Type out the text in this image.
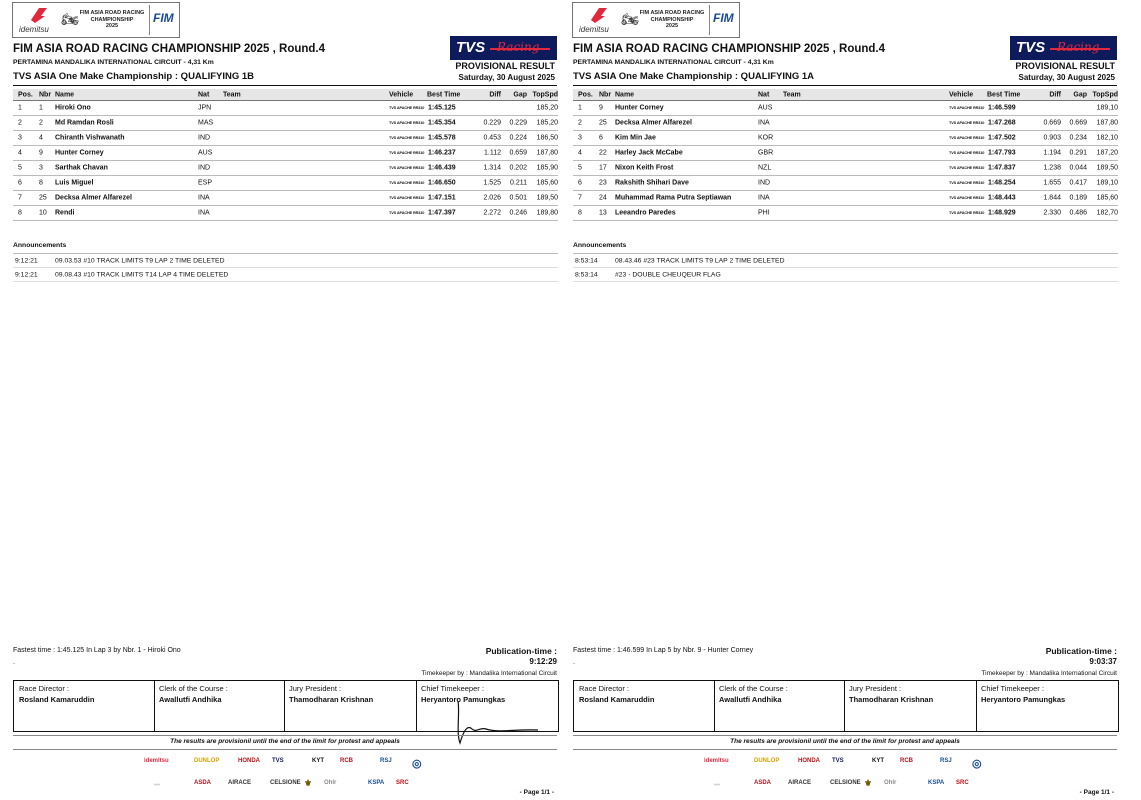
idemitsu
🏍 FIM ASIA ROAD RACING
CHAMPIONSHIP
2025
FIM
FIM ASIA ROAD RACING CHAMPIONSHIP 2025 , Round.4
PERTAMINA MANDALIKA INTERNATIONAL CIRCUIT - 4,31 Km
TVS ASIA One Make Championship : QUALIFYING 1B
TVS Racing
PROVISIONAL RESULT
Saturday, 30 August 2025
Pos. Nbr Name	Nat Team	Vehicle Best Time	Diff Gap TopSpd
1 1 Hiroki Ono	JPN	TVS APACHE RR310 1:45.125	185,20
2 2 Md Ramdan Rosli	MAS	TVS APACHE RR310 1:45.354	0.229 0.229 185,20
3 4 Chiranth Vishwanath	IND	TVS APACHE RR310 1:45.578	0.453 0.224 186,50
4 9 Hunter Corney	AUS	TVS APACHE RR310 1:46.237	1.112 0.659 187,80
5 3 Sarthak Chavan	IND	TVS APACHE RR310 1:46.439	1.314 0.202 185,90
6 8 Luis Miguel	ESP	TVS APACHE RR310 1:46.650	1.525 0.211 185,60
7 25 Decksa Almer Alfarezel	INA	TVS APACHE RR310 1:47.151	2.026 0.501 189,50
8 10 Rendi	INA	TVS APACHE RR310 1:47.397	2.272 0.246 189,80
Announcements
9:12:21	09.03.53 #10 TRACK LIMITS T9 LAP 2 TIME DELETED
9:12:21	09.08.43 #10 TRACK LIMITS T14 LAP 4 TIME DELETED
Fastest time : 1:45.125 In Lap 3 by Nbr. 1 - Hiroki Ono
.
Publication-time :
9:12:29
Timekeeper by : Mandalika International Circuit
Race Director :
Rosland Kamaruddin
Clerk of the Course :
Awallutfi Andhika
Jury President :
Thamodharan Krishnan
Chief Timekeeper :
Heryantoro Pamungkas
The results are provisionil until the end of the limit for protest and appeals
idemitsu	DUNLOP	HONDA TVS	KYT	RCB	RSJ ◎
ASDA	AIRACE	CELSIONE	Ohlr	KSPA SRC
〰	⚜
- Page 1/1 -
idemitsu
🏍 FIM ASIA ROAD RACING
CHAMPIONSHIP
2025
FIM
FIM ASIA ROAD RACING CHAMPIONSHIP 2025 , Round.4
PERTAMINA MANDALIKA INTERNATIONAL CIRCUIT - 4,31 Km
TVS ASIA One Make Championship : QUALIFYING 1A
TVS Racing
PROVISIONAL RESULT
Saturday, 30 August 2025
Pos. Nbr Name	Nat Team	Vehicle Best Time	Diff Gap TopSpd
1 9 Hunter Corney	AUS	TVS APACHE RR310 1:46.599	189,10
2 25 Decksa Almer Alfarezel	INA	TVS APACHE RR310 1:47.268	0.669 0.669 187,80
3 6 Kim Min Jae	KOR	TVS APACHE RR310 1:47.502	0.903 0.234 182,10
4 22 Harley Jack McCabe	GBR	TVS APACHE RR310 1:47.793	1.194 0.291 187,20
5 17 Nixon Keith Frost	NZL	TVS APACHE RR310 1:47.837	1.238 0.044 189,50
6 23 Rakshith Shihari Dave	IND	TVS APACHE RR310 1:48.254	1.655 0.417 189,10
7 24 Muhammad Rama Putra Septiawan	INA	TVS APACHE RR310 1:48.443	1.844 0.189 185,60
8 13 Leeandro Paredes	PHI	TVS APACHE RR310 1:48.929	2.330 0.486 182,70
Announcements
8:53:14	08.43.46 #23 TRACK LIMITS T9 LAP 2 TIME DELETED
8:53:14	#23 - DOUBLE CHEUQEUR FLAG
Fastest time : 1:46.599 In Lap 5 by Nbr. 9 - Hunter Corney
.
Publication-time :
9:03:37
Timekeeper by : Mandalika International Circuit
Race Director :
Rosland Kamaruddin
Clerk of the Course :
Awallutfi Andhika
Jury President :
Thamodharan Krishnan
Chief Timekeeper :
Heryantoro Pamungkas
The results are provisionil until the end of the limit for protest and appeals
idemitsu	DUNLOP	HONDA TVS	KYT	RCB	RSJ ◎
ASDA	AIRACE	CELSIONE	Ohlr	KSPA SRC
〰	⚜
- Page 1/1 -
